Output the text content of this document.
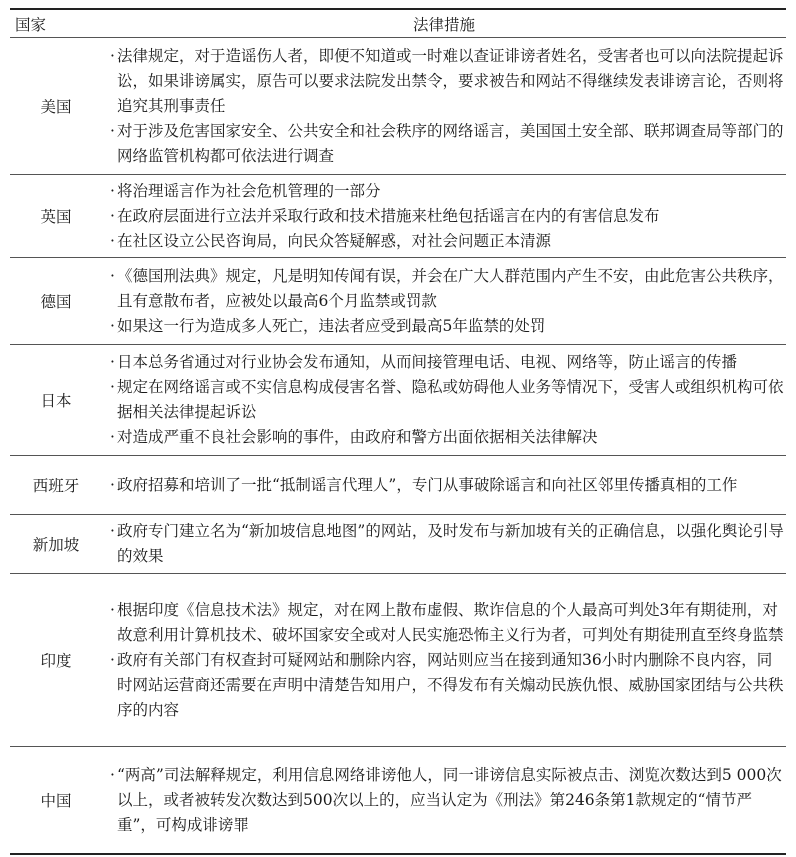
国家	法律措施
美国
· 法律规定，对于造谣伤人者，即便不知道或一时难以查证诽谤者姓名，受害者也可以向法院提起诉讼，如果诽谤属实，原告可以要求法院发出禁令，要求被告和网站不得继续发表诽谤言论，否则将追究其刑事责任
· 对于涉及危害国家安全、公共安全和社会秩序的网络谣言，美国国土安全部、联邦调查局等部门的网络监管机构都可依法进行调查
英国
· 将治理谣言作为社会危机管理的一部分
· 在政府层面进行立法并采取行政和技术措施来杜绝包括谣言在内的有害信息发布
· 在社区设立公民咨询局，向民众答疑解惑，对社会问题正本清源
德国
· 《德国刑法典》规定，凡是明知传闻有误，并会在广大人群范围内产生不安，由此危害公共秩序，且有意散布者，应被处以最高6个月监禁或罚款
· 如果这一行为造成多人死亡，违法者应受到最高5年监禁的处罚
日本
· 日本总务省通过对行业协会发布通知，从而间接管理电话、电视、网络等，防止谣言的传播
· 规定在网络谣言或不实信息构成侵害名誉、隐私或妨碍他人业务等情况下，受害人或组织机构可依据相关法律提起诉讼
· 对造成严重不良社会影响的事件，由政府和警方出面依据相关法律解决
西班牙	· 政府招募和培训了一批“抵制谣言代理人”，专门从事破除谣言和向社区邻里传播真相的工作
新加坡
· 政府专门建立名为“新加坡信息地图”的网站，及时发布与新加坡有关的正确信息，以强化舆论引导的效果
印度
· 根据印度《信息技术法》规定，对在网上散布虚假、欺诈信息的个人最高可判处3年有期徒刑，对故意利用计算机技术、破坏国家安全或对人民实施恐怖主义行为者，可判处有期徒刑直至终身监禁
· 政府有关部门有权查封可疑网站和删除内容，网站则应当在接到通知36小时内删除不良内容，同时网站运营商还需要在声明中清楚告知用户，不得发布有关煽动民族仇恨、威胁国家团结与公共秩序的内容
中国
· “两高”司法解释规定，利用信息网络诽谤他人，同一诽谤信息实际被点击、浏览次数达到5 000次以上，或者被转发次数达到500次以上的，应当认定为《刑法》第246条第1款规定的“情节严重”，可构成诽谤罪
